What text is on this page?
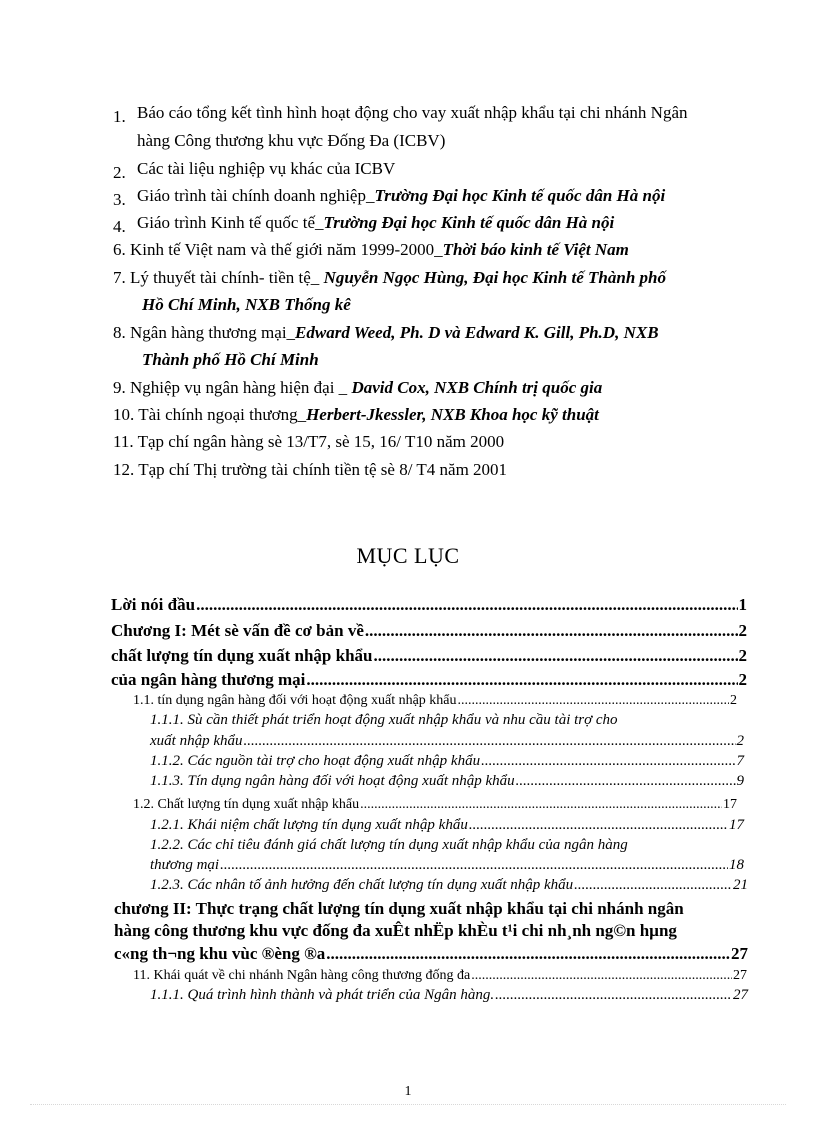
1. Báo cáo tổng kết tình hình hoạt động cho vay xuất nhập khẩu tại chi nhánh Ngân
hàng Công thương khu vực Đống Đa (ICBV)
2. Các tài liệu nghiệp vụ khác của ICBV
3. Giáo trình tài chính doanh nghiệp_Trường Đại học Kinh tế quốc dân Hà nội
4. Giáo trình Kinh tế quốc tế_Trường Đại học Kinh tế quốc dân Hà nội
6. Kinh tế Việt nam và thế giới năm 1999-2000_Thời báo kinh tế Việt Nam
7. Lý thuyết tài chính- tiền tệ_ Nguyễn Ngọc Hùng, Đại học Kinh tế Thành phố
Hồ Chí Minh, NXB Thống kê
8. Ngân hàng thương mại_Edward Weed, Ph. D và Edward K. Gill, Ph.D, NXB
Thành phố Hồ Chí Minh
9. Nghiệp vụ ngân hàng hiện đại _ David Cox, NXB Chính trị quốc gia
10. Tài chính ngoại thương_Herbert-Jkessler, NXB Khoa học kỹ thuật
11. Tạp chí ngân hàng sè 13/T7, sè 15, 16/ T10 năm 2000
12. Tạp chí Thị trường tài chính tiền tệ sè 8/ T4 năm 2001
MỤC LỤC
Lời nói đầu .....	1
Chương I: Mét sè vấn đề cơ bản về .....	2
chất lượng tín dụng xuất nhập khẩu .....	2
của ngân hàng thương mại .....	2
1.1. tín dụng ngân hàng đối với hoạt động xuất nhập khẩu .....	2
1.1.1. Sù cần thiết phát triển hoạt động xuất nhập khẩu và nhu cầu tài trợ cho
xuất nhập khẩu .....	2
1.1.2. Các nguồn tài trợ cho hoạt động xuất nhập khẩu .....	7
1.1.3. Tín dụng ngân hàng đối với hoạt động xuất nhập khẩu .....	9
1.2. Chất lượng tín dụng xuất nhập khẩu .....	17
1.2.1. Khái niệm chất lượng tín dụng xuất nhập khẩu .....	17
1.2.2. Các chỉ tiêu đánh giá chất lượng tín dụng xuất nhập khẩu của ngân hàng
thương mại .....	18
1.2.3. Các nhân tố ảnh hưởng đến chất lượng tín dụng xuất nhập khẩu .....	21
chương II: Thực trạng chất lượng tín dụng xuất nhập khẩu tại chi nhánh ngân
hàng công thương khu vực đống đa xuÊt nhËp khÈu t¹i chi nh¸nh ng©n hµng
c«ng th¬ng khu vùc ®èng ®a .....	27
11. Khái quát về chi nhánh Ngân hàng công thương đống đa .....	27
1.1.1. Quá trình hình thành và phát triển của Ngân hàng. .....	27
1
